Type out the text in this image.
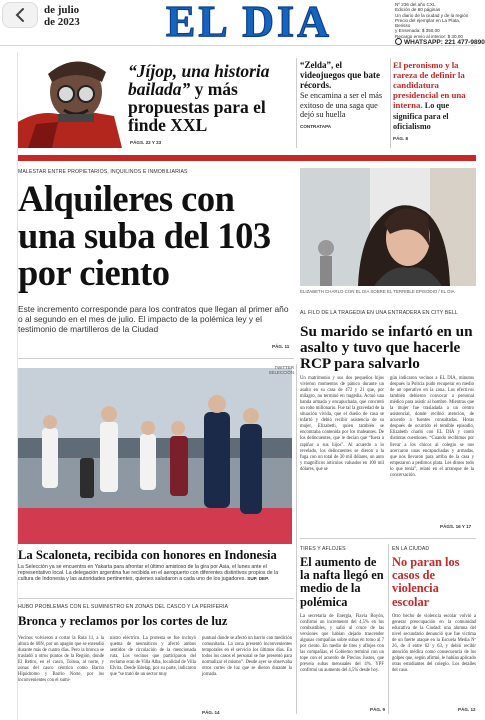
de julio
de 2023	EL DIA	Nº 236 del año CXL
Edición de 60 páginas
Un diario de la ciudad y de la región
Precio del ejemplar en La Plata, Berisso
y Ensenada: $ 350,00
Recargo envío al interior: $ 30,00
WHATSAPP: 221 477-9890
“Jíjop, una historia bailada” y más propuestas para el finde XXL
PÁGS. 22 Y 23
“Zelda”, el videojuegos que bate récords.
Se encamina a ser el más exitoso de una saga que dejó su huella
CONTRATAPA
El peronismo y la rareza de definir la candidatura presidencial en una interna. Lo que significa para el oficialismo
PÁG. 8
MALESTAR ENTRE PROPIETARIOS, INQUILINOS E INMOBILIARIAS
Alquileres con una suba del 103 por ciento
Este incremento corresponde para los contratos que llegan al primer año o al segundo en el mes de julio. El impacto de la polémica ley y el testimonio de martilleros de la Ciudad
PÁG. 11
ELIZABETH CHARLO CON EL DIA SOBRE EL TERRIBLE EPISODIO / EL DIA
AL FILO DE LA TRAGEDIA EN UNA ENTRADERA EN CITY BELL
Su marido se infartó en un asalto y tuvo que hacerle RCP para salvarlo
Un matrimonio y sus dos pequeños hijos vivieron momentos de pánico durante un asalto en su casa de 472 y 21 que, por milagro, no terminó en tragedia. Actuó una banda armada y encapuchada, que concretó un robo millonario. Fue tal la gravedad de la situación vivida, que el dueño de casa se infartó y debió recibir asistencia de su mujer, Elizabeth, quien también se encontraba contenida por los maleantes. De los delincuentes, que le decían que “fuera a rapiñar a sus hijos”. Al acuerdo a lo revelado, los delincuentes se dieron a la fuga con un total de 30 mil dólares, un auto y magníficos artículos valuados en 100 mil dólares, que se
gún indicaron vecinos a EL DIA, minutos después la Policía pudo recuperar en medio de un operativo en la zona. Los efectivos también debieron convocar a personal médico para asistir al hombre. Mientras que la mujer fue trasladada a un centro asistencial, donde recibió atención, de acuerdo a fuentes consultadas. Horas después de ocurrido el temible episodio, Elizabeth charló con EL DIA y contó distintas cuestiones. “Cuando recibimos por llevar a los chicos al colegio se nos acercaron unas encapuchadas y armadas, que nos llevaron para arriba de la casa y empezaron a pedirnos plata. Les dimos todo lo que tenía”, relató en el arranque de la conversación.
PÁGS. 16 Y 17
TWITTER SELECCIÓN
La Scaloneta, recibida con honores en Indonesia
La Selección ya se encuentra en Yakarta para afrontar el último amistoso de la gira por Asia, el lunes ante el representativo local. La delegación argentina fue recibida en el aeropuerto con diferentes distintivos propios de la cultura de Indonesia y las autoridades pertinentes, quienes saludaron a cada uno de los jugadores. SUP. DEP.
HUBO PROBLEMAS CON EL SUMINISTRO EN ZONAS DEL CASCO Y LA PERIFERIA
Bronca y reclamos por los cortes de luz
Vecinos volvieron a cortar la Ruta 11, a la altura de 60N, por un apagón que se extendió durante más de cuatro días. Pero la bronca se trasladó a otros puntos de la Región, donde El Retiro, en el casco, Tolosa, al norte, y zonas del casco céntrico como Barrio Hipódromo y Barrio Norte, por los inconvenientes con el sumi-
nistro eléctrico. La protesta se fue incluyó quema de neumáticos y afectó ambos sentidos de circulación de la mencionada ruta. Los vecinos que participaron del reclamo eran de Villa Alba, localidad de Villa Elvira. Desde Edelap, por su parte, indicaron que “se trató de un sector muy
puntual donde se afectó un barrio con medición comunitaria. La zona presentó inconvenientes temporales en el servicio los últimos días. En todos los casos el personal se fue presentó para normalizar el mismo”. Desde ayer se observaba otros cortes de luz que se dieron durante la jornada.
PÁG. 14
TIRES Y AFLOJES
El aumento de la nafta llegó en medio de la polémica
La secretaria de Energía, Flavia Royón, confirmó un incremento del 4,5% en los combustibles, y salió al cruce de las versiones que habían dejado trascender algunas compañías sobre subas en torno al 7 por ciento. En medio de tires y aflojes con las compañías, el Gobierno terminó con un tope con el acuerdo de Precios Justos, que preveía subas mensuales del 4%. YPF confirmó un aumento del 4,5% desde hoy.
PÁG. 9
EN LA CIUDAD
No paran los casos de violencia escolar
Otro hecho de violencia escolar volvió a generar preocupación en la comunidad educativa de la Ciudad: una alumna del nivel secundario denunció que fue víctima de un fuerte ataque en la Escuela Media Nº 26, de 4 entre 62 y 63, y debió recibir atención médica como consecuencia de los golpes que, según afirmó, le habían aplicado otras estudiantes del colegio. Los detalles del caso.
PÁG. 12
